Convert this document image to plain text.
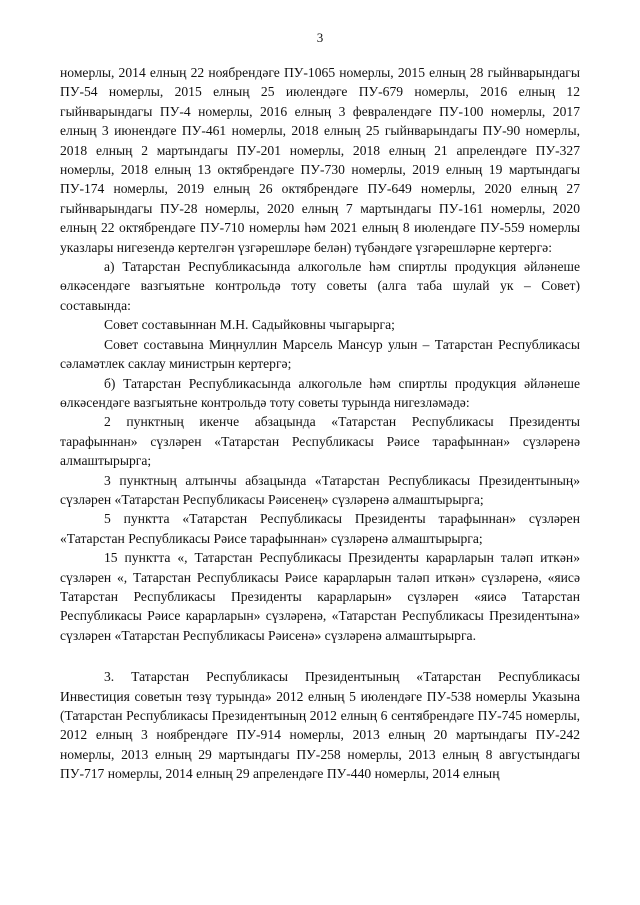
3

номерлы, 2014 елның 22 ноябрендәге ПУ-1065 номерлы, 2015 елның 28 гыйнварындагы ПУ-54 номерлы, 2015 елның 25 июлендәге ПУ-679 номерлы, 2016 елның 12 гыйнварындагы ПУ-4 номерлы, 2016 елның 3 февралендәге ПУ-100 номерлы, 2017 елның 3 июнендәге ПУ-461 номерлы, 2018 елның 25 гыйнварындагы ПУ-90 номерлы, 2018 елның 2 мартындагы ПУ-201 номерлы, 2018 елның 21 апрелендәге ПУ-327 номерлы, 2018 елның 13 октябрендәге ПУ-730 номерлы, 2019 елның 19 мартындагы ПУ-174 номерлы, 2019 елның 26 октябрендәге ПУ-649 номерлы, 2020 елның 27 гыйнварындагы ПУ-28 номерлы, 2020 елның 7 мартындагы ПУ-161 номерлы, 2020 елның 22 октябрендәге ПУ-710 номерлы һәм 2021 елның 8 июлендәге ПУ-559 номерлы указлары нигезендә кертелгән үзгәрешләре белән) түбәндәге үзгәрешләрне кертергә:

а) Татарстан Республикасында алкогольле һәм спиртлы продукция әйләнеше өлкәсендәге вазгыятьне контрольдә тоту советы (алга таба шулай ук – Совет) составында:

Совет составыннан М.Н. Садыйковны чыгарырга;

Совет составына Миңнуллин Марсель Мансур улын – Татарстан Республикасы сәламәтлек саклау министрын кертергә;

б) Татарстан Республикасында алкогольле һәм спиртлы продукция әйләнеше өлкәсендәге вазгыятьне контрольдә тоту советы турында нигезләмәдә:

2 пунктның икенче абзацында «Татарстан Республикасы Президенты тарафыннан» сүзләрен «Татарстан Республикасы Рәисе тарафыннан» сүзләренә алмаштырырга;

3 пунктның алтынчы абзацында «Татарстан Республикасы Президентының» сүзләрен «Татарстан Республикасы Рәисенең» сүзләренә алмаштырырга;

5 пунктта «Татарстан Республикасы Президенты тарафыннан» сүзләрен «Татарстан Республикасы Рәисе тарафыннан» сүзләренә алмаштырырга;

15 пунктта «, Татарстан Республикасы Президенты карарларын таләп иткән» сүзләрен «, Татарстан Республикасы Рәисе карарларын таләп иткән» сүзләренә, «яисә Татарстан Республикасы Президенты карарларын» сүзләрен «яисә Татарстан Республикасы Рәисе карарларын» сүзләренә, «Татарстан Республикасы Президентына» сүзләрен «Татарстан Республикасы Рәисенә» сүзләренә алмаштырырга.

3. Татарстан Республикасы Президентының «Татарстан Республикасы Инвестиция советын төзү турында» 2012 елның 5 июлендәге ПУ-538 номерлы Указына (Татарстан Республикасы Президентының 2012 елның 6 сентябрендәге ПУ-745 номерлы, 2012 елның 3 ноябрендәге ПУ-914 номерлы, 2013 елның 20 мартындагы ПУ-242 номерлы, 2013 елның 29 мартындагы ПУ-258 номерлы, 2013 елның 8 августындагы ПУ-717 номерлы, 2014 елның 29 апрелендәге ПУ-440 номерлы, 2014 елның
